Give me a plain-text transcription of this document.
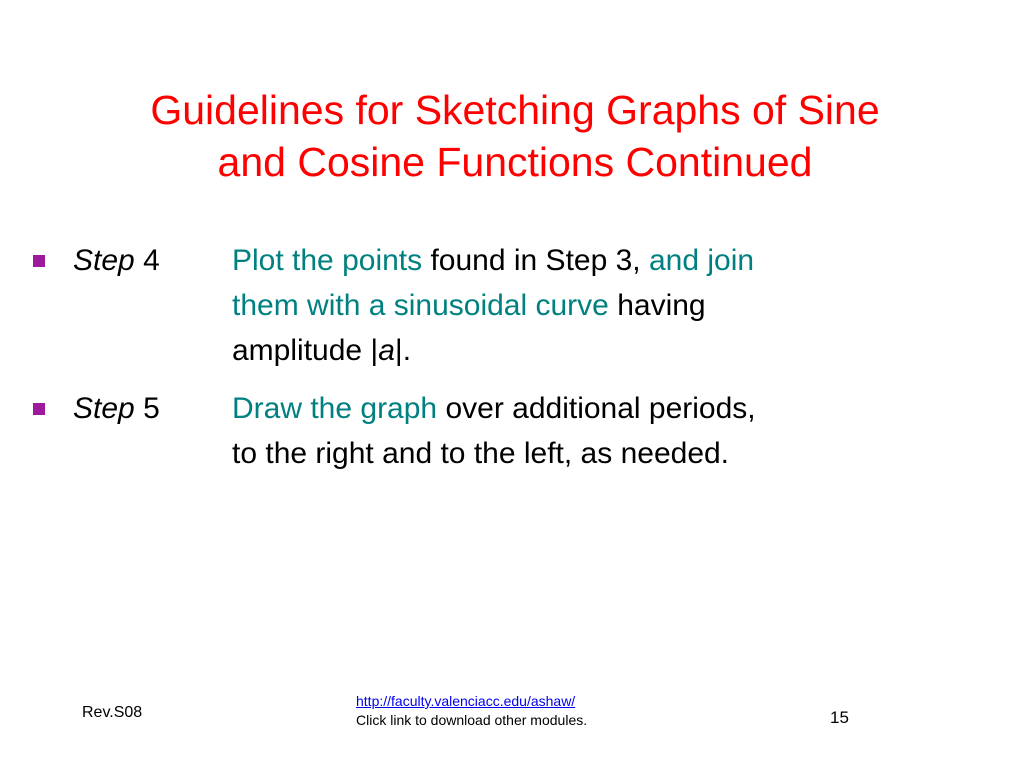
Guidelines for Sketching Graphs of Sine
and Cosine Functions Continued
Step 4 Plot the points found in Step 3, and join
them with a sinusoidal curve having
amplitude |a|.
Step 5 Draw the graph over additional periods,
to the right and to the left, as needed.
Rev.S08
http://faculty.valenciacc.edu/ashaw/
Click link to download other modules.	15
